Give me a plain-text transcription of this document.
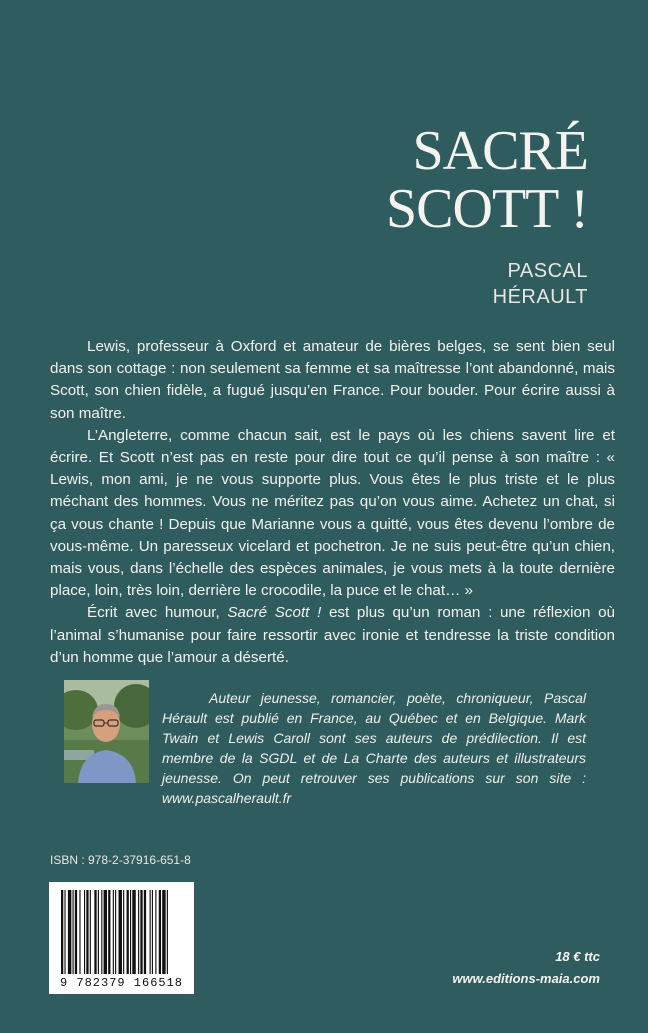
SACRÉ
SCOTT !
PASCAL
HÉRAULT

Lewis, professeur à Oxford et amateur de bières belges, se sent bien seul dans son cottage : non seulement sa femme et sa maîtresse l’ont abandonné, mais Scott, son chien fidèle, a fugué jusqu’en France. Pour bouder. Pour écrire aussi à son maître.

L’Angleterre, comme chacun sait, est le pays où les chiens savent lire et écrire. Et Scott n’est pas en reste pour dire tout ce qu’il pense à son maître : « Lewis, mon ami, je ne vous supporte plus. Vous êtes le plus triste et le plus méchant des hommes. Vous ne méritez pas qu’on vous aime. Achetez un chat, si ça vous chante ! Depuis que Marianne vous a quitté, vous êtes devenu l’ombre de vous-même. Un paresseux vicelard et pochetron. Je ne suis peut-être qu’un chien, mais vous, dans l’échelle des espèces animales, je vous mets à la toute dernière place, loin, très loin, derrière le crocodile, la puce et le chat… »

Écrit avec humour, Sacré Scott ! est plus qu’un roman : une réflexion où l’animal s’humanise pour faire ressortir avec ironie et tendresse la triste condition d’un homme que l’amour a déserté.

Auteur jeunesse, romancier, poète, chroniqueur, Pascal Hérault est publié en France, au Québec et en Belgique. Mark Twain et Lewis Caroll sont ses auteurs de prédilection. Il est membre de la SGDL et de La Charte des auteurs et illustrateurs jeunesse. On peut retrouver ses publications sur son site : www.pascalherault.fr
ISBN : 978-2-37916-651-8
9 782379 166518
18 € ttc
www.editions-maia.com
